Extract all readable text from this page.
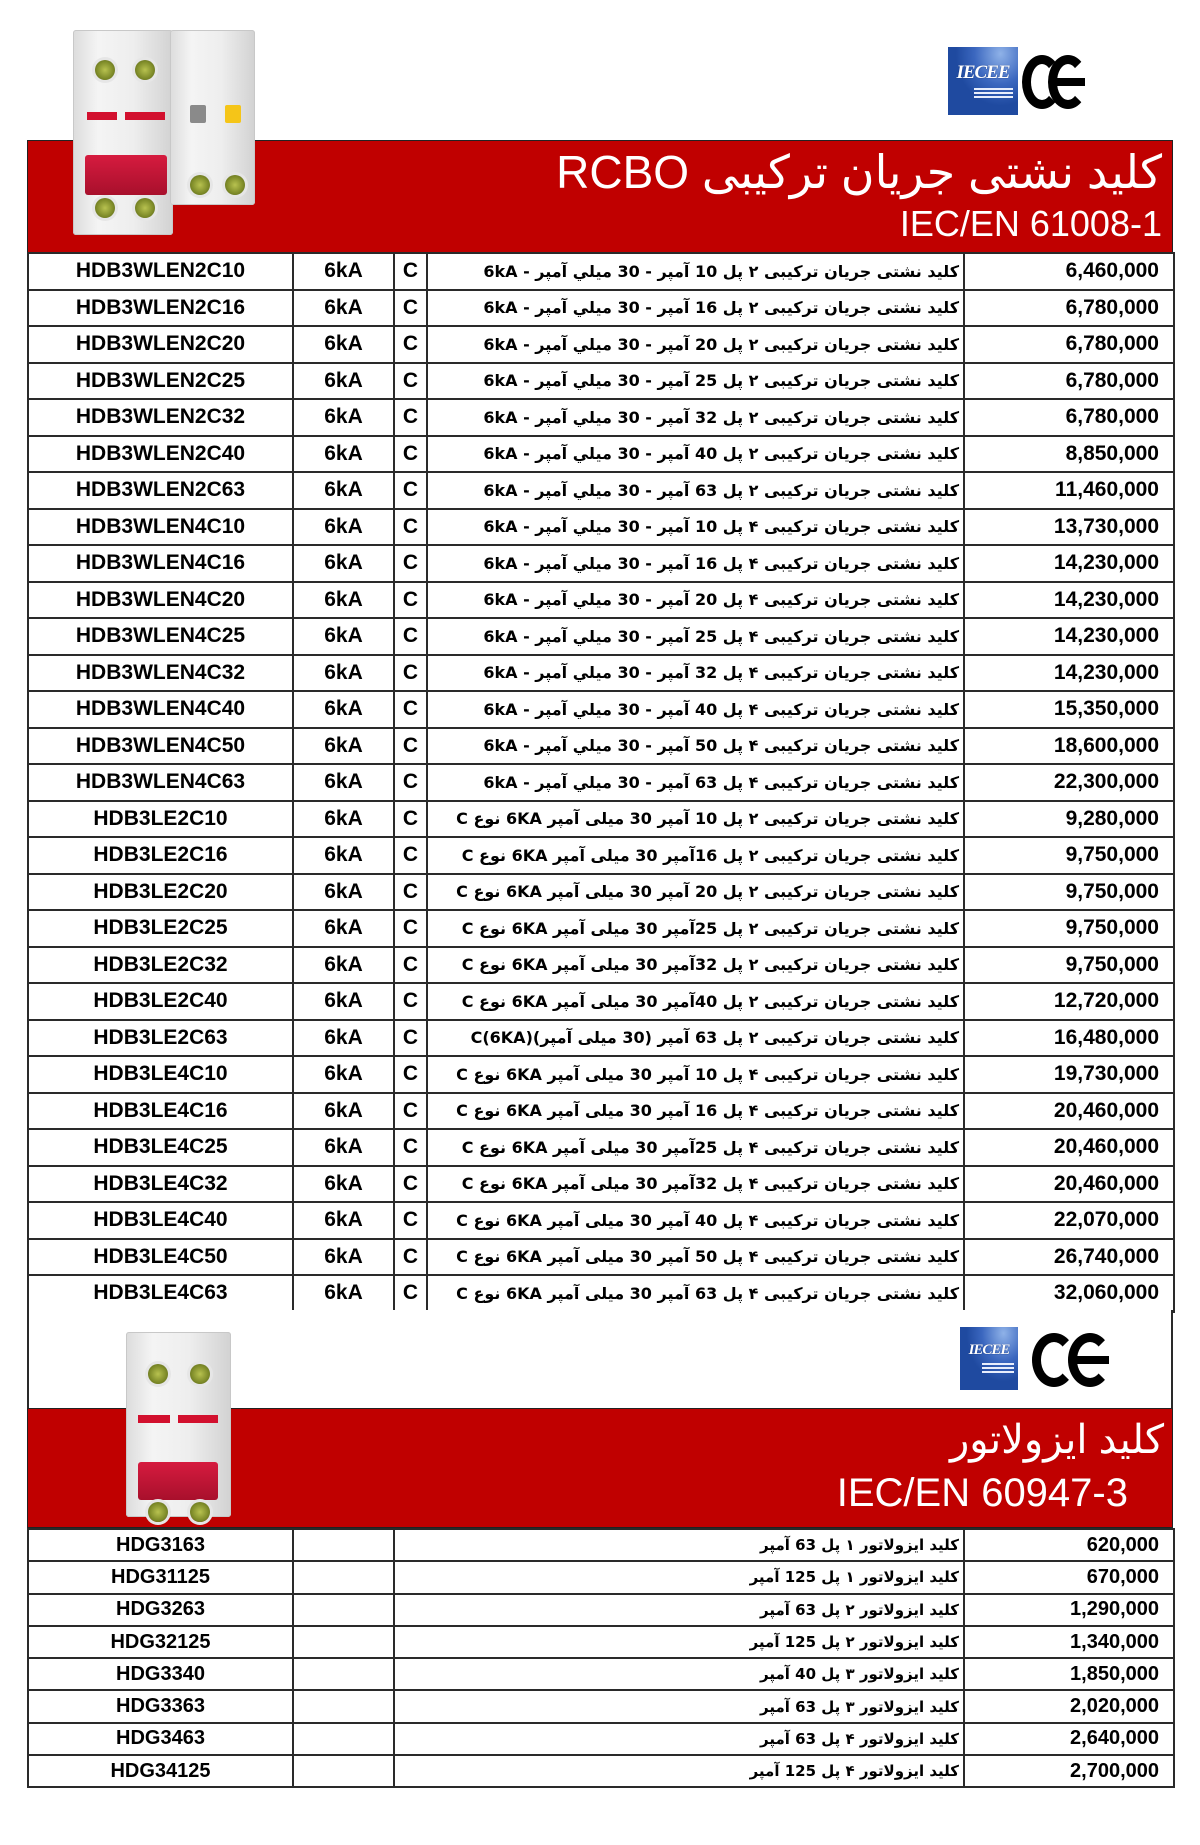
IECEE
کلید نشتی جریان ترکیبی RCBO
IEC/EN 61008-1
HDB3WLEN2C10	6kA	C	کلید نشتی جریان ترکیبی ۲ پل 10 آمپر - 30 میلي آمپر - 6kA	6,460,000
HDB3WLEN2C16	6kA	C	کلید نشتی جریان ترکیبی ۲ پل 16 آمپر - 30 میلي آمپر - 6kA	6,780,000
HDB3WLEN2C20	6kA	C	کلید نشتی جریان ترکیبی ۲ پل 20 آمپر - 30 میلي آمپر - 6kA	6,780,000
HDB3WLEN2C25	6kA	C	کلید نشتی جریان ترکیبی ۲ پل 25 آمپر - 30 میلي آمپر - 6kA	6,780,000
HDB3WLEN2C32	6kA	C	کلید نشتی جریان ترکیبی ۲ پل 32 آمپر - 30 میلي آمپر - 6kA	6,780,000
HDB3WLEN2C40	6kA	C	کلید نشتی جریان ترکیبی ۲ پل 40 آمپر - 30 میلي آمپر - 6kA	8,850,000
HDB3WLEN2C63	6kA	C	کلید نشتی جریان ترکیبی ۲ پل 63 آمپر - 30 میلي آمپر - 6kA	11,460,000
HDB3WLEN4C10	6kA	C	کلید نشتی جریان ترکیبی ۴ پل 10 آمپر - 30 میلي آمپر - 6kA	13,730,000
HDB3WLEN4C16	6kA	C	کلید نشتی جریان ترکیبی ۴ پل 16 آمپر - 30 میلي آمپر - 6kA	14,230,000
HDB3WLEN4C20	6kA	C	کلید نشتی جریان ترکیبی ۴ پل 20 آمپر - 30 میلي آمپر - 6kA	14,230,000
HDB3WLEN4C25	6kA	C	کلید نشتی جریان ترکیبی ۴ پل 25 آمپر - 30 میلي آمپر - 6kA	14,230,000
HDB3WLEN4C32	6kA	C	کلید نشتی جریان ترکیبی ۴ پل 32 آمپر - 30 میلي آمپر - 6kA	14,230,000
HDB3WLEN4C40	6kA	C	کلید نشتی جریان ترکیبی ۴ پل 40 آمپر - 30 میلي آمپر - 6kA	15,350,000
HDB3WLEN4C50	6kA	C	کلید نشتی جریان ترکیبی ۴ پل 50 آمپر - 30 میلي آمپر - 6kA	18,600,000
HDB3WLEN4C63	6kA	C	کلید نشتی جریان ترکیبی ۴ پل 63 آمپر - 30 میلي آمپر - 6kA	22,300,000
HDB3LE2C10	6kA	C	کلید نشتی جریان ترکیبی ۲ پل 10 آمپر 30 میلی آمپر 6KA نوع C	9,280,000
HDB3LE2C16	6kA	C	کلید نشتی جریان ترکیبی ۲ پل 16آمپر 30 میلی آمپر 6KA نوع C	9,750,000
HDB3LE2C20	6kA	C	کلید نشتی جریان ترکیبی ۲ پل 20 آمپر 30 میلی آمپر 6KA نوع C	9,750,000
HDB3LE2C25	6kA	C	کلید نشتی جریان ترکیبی ۲ پل 25آمپر 30 میلی آمپر 6KA نوع C	9,750,000
HDB3LE2C32	6kA	C	کلید نشتی جریان ترکیبی ۲ پل 32آمپر 30 میلی آمپر 6KA نوع C	9,750,000
HDB3LE2C40	6kA	C	کلید نشتی جریان ترکیبی ۲ پل 40آمپر 30 میلی آمپر 6KA نوع C	12,720,000
HDB3LE2C63	6kA	C	کلید نشتی جریان ترکیبی ۲ پل 63 آمپر (30 میلی آمپر)(6KA)C	16,480,000
HDB3LE4C10	6kA	C	کلید نشتی جریان ترکیبی ۴ پل 10 آمپر 30 میلی آمپر 6KA نوع C	19,730,000
HDB3LE4C16	6kA	C	کلید نشتی جریان ترکیبی ۴ پل 16 آمپر 30 میلی آمپر 6KA نوع C	20,460,000
HDB3LE4C25	6kA	C	کلید نشتی جریان ترکیبی ۴ پل 25آمپر 30 میلی آمپر 6KA نوع C	20,460,000
HDB3LE4C32	6kA	C	کلید نشتی جریان ترکیبی ۴ پل 32آمپر 30 میلی آمپر 6KA نوع C	20,460,000
HDB3LE4C40	6kA	C	کلید نشتی جریان ترکیبی ۴ پل 40 آمپر 30 میلی آمپر 6KA نوع C	22,070,000
HDB3LE4C50	6kA	C	کلید نشتی جریان ترکیبی ۴ پل 50 آمپر 30 میلی آمپر 6KA نوع C	26,740,000
HDB3LE4C63	6kA	C	کلید نشتی جریان ترکیبی ۴ پل 63 آمپر 30 میلی آمپر 6KA نوع C	32,060,000
IECEE
کلید ایزولاتور
IEC/EN 60947-3
HDG3163		کلید ایزولاتور ۱ پل 63 آمپر	620,000
HDG31125		کلید ایزولاتور ۱ پل 125 آمپر	670,000
HDG3263		کلید ایزولاتور ۲ پل 63 آمپر	1,290,000
HDG32125		کلید ایزولاتور ۲ پل 125 آمپر	1,340,000
HDG3340		کلید ایزولاتور ۳ پل 40 آمپر	1,850,000
HDG3363		کلید ایزولاتور ۳ پل 63 آمپر	2,020,000
HDG3463		کلید ایزولاتور ۴ پل 63 آمپر	2,640,000
HDG34125		کلید ایزولاتور ۴ پل 125 آمپر	2,700,000
